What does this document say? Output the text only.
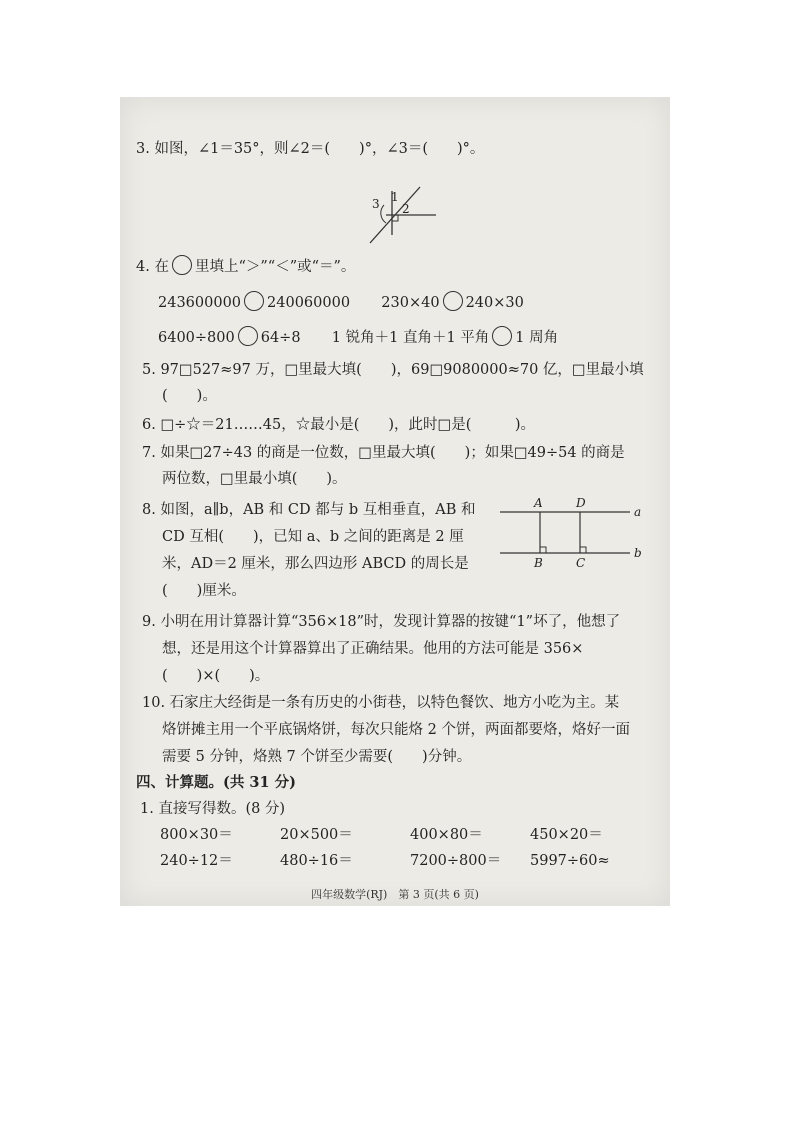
3. 如图，∠1＝35°，则∠2＝(　　)°，∠3＝(　　)°。
3 1
2
4. 在 里填上“＞”“＜”或“＝”。
243600000 240060000 230×40 240×30
6400÷800 64÷8 1 锐角＋1 直角＋1 平角 1 周角
5. 97□527≈97 万，□里最大填(　　)，69□9080000≈70 亿，□里最小填
(　　)。
6. □÷☆＝21……45，☆最小是(　　)，此时□是(　　　)。
7. 如果□27÷43 的商是一位数，□里最大填(　　)；如果□49÷54 的商是
两位数，□里最小填(　　)。
8. 如图，a∥b，AB 和 CD 都与 b 互相垂直，AB 和
CD 互相(　　)，已知 a、b 之间的距离是 2 厘
米，AD＝2 厘米，那么四边形 ABCD 的周长是
(　　)厘米。
A	D
B	C
a
b
9. 小明在用计算器计算“356×18”时，发现计算器的按键“1”坏了，他想了
想，还是用这个计算器算出了正确结果。他用的方法可能是 356×
(　　)×(　　)。
10. 石家庄大经街是一条有历史的小街巷，以特色餐饮、地方小吃为主。某
烙饼摊主用一个平底锅烙饼，每次只能烙 2 个饼，两面都要烙，烙好一面
需要 5 分钟，烙熟 7 个饼至少需要(　　)分钟。
四、计算题。(共 31 分)
1. 直接写得数。(8 分)
800×30＝	20×500＝	400×80＝	450×20＝
240÷12＝	480÷16＝	7200÷800＝ 5997÷60≈
四年级数学(RJ)　第 3 页(共 6 页)
